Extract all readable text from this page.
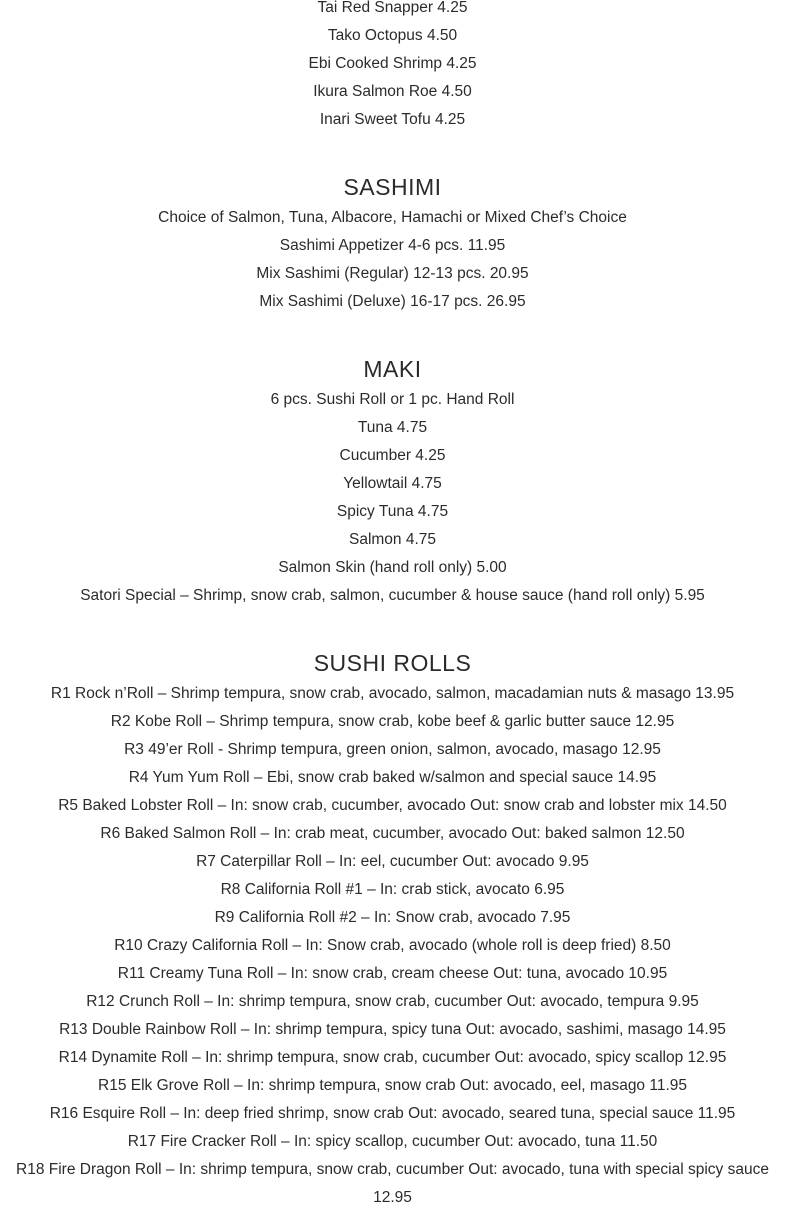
Tai Red Snapper 4.25

Tako Octopus 4.50

Ebi Cooked Shrimp 4.25

Ikura Salmon Roe 4.50

Inari Sweet Tofu 4.25

SASHIMI

Choice of Salmon, Tuna, Albacore, Hamachi or Mixed Chef’s Choice

Sashimi Appetizer 4-6 pcs. 11.95

Mix Sashimi (Regular) 12-13 pcs. 20.95

Mix Sashimi (Deluxe) 16-17 pcs. 26.95

MAKI

6 pcs. Sushi Roll or 1 pc. Hand Roll

Tuna 4.75

Cucumber 4.25

Yellowtail 4.75

Spicy Tuna 4.75

Salmon 4.75

Salmon Skin (hand roll only) 5.00

Satori Special – Shrimp, snow crab, salmon, cucumber & house sauce (hand roll only) 5.95

SUSHI ROLLS

R1 Rock n’Roll – Shrimp tempura, snow crab, avocado, salmon, macadamian nuts & masago 13.95

R2 Kobe Roll – Shrimp tempura, snow crab, kobe beef & garlic butter sauce 12.95

R3 49’er Roll - Shrimp tempura, green onion, salmon, avocado, masago 12.95

R4 Yum Yum Roll – Ebi, snow crab baked w/salmon and special sauce 14.95

R5 Baked Lobster Roll – In: snow crab, cucumber, avocado Out: snow crab and lobster mix 14.50

R6 Baked Salmon Roll – In: crab meat, cucumber, avocado Out: baked salmon 12.50

R7 Caterpillar Roll – In: eel, cucumber Out: avocado 9.95

R8 California Roll #1 – In: crab stick, avocato 6.95

R9 California Roll #2 – In: Snow crab, avocado 7.95

R10 Crazy California Roll – In: Snow crab, avocado (whole roll is deep fried) 8.50

R11 Creamy Tuna Roll – In: snow crab, cream cheese Out: tuna, avocado 10.95

R12 Crunch Roll – In: shrimp tempura, snow crab, cucumber Out: avocado, tempura 9.95

R13 Double Rainbow Roll – In: shrimp tempura, spicy tuna Out: avocado, sashimi, masago 14.95

R14 Dynamite Roll – In: shrimp tempura, snow crab, cucumber Out: avocado, spicy scallop 12.95

R15 Elk Grove Roll – In: shrimp tempura, snow crab Out: avocado, eel, masago 11.95

R16 Esquire Roll – In: deep fried shrimp, snow crab Out: avocado, seared tuna, special sauce 11.95

R17 Fire Cracker Roll – In: spicy scallop, cucumber Out: avocado, tuna 11.50

R18 Fire Dragon Roll – In: shrimp tempura, snow crab, cucumber Out: avocado, tuna with special spicy sauce 12.95
